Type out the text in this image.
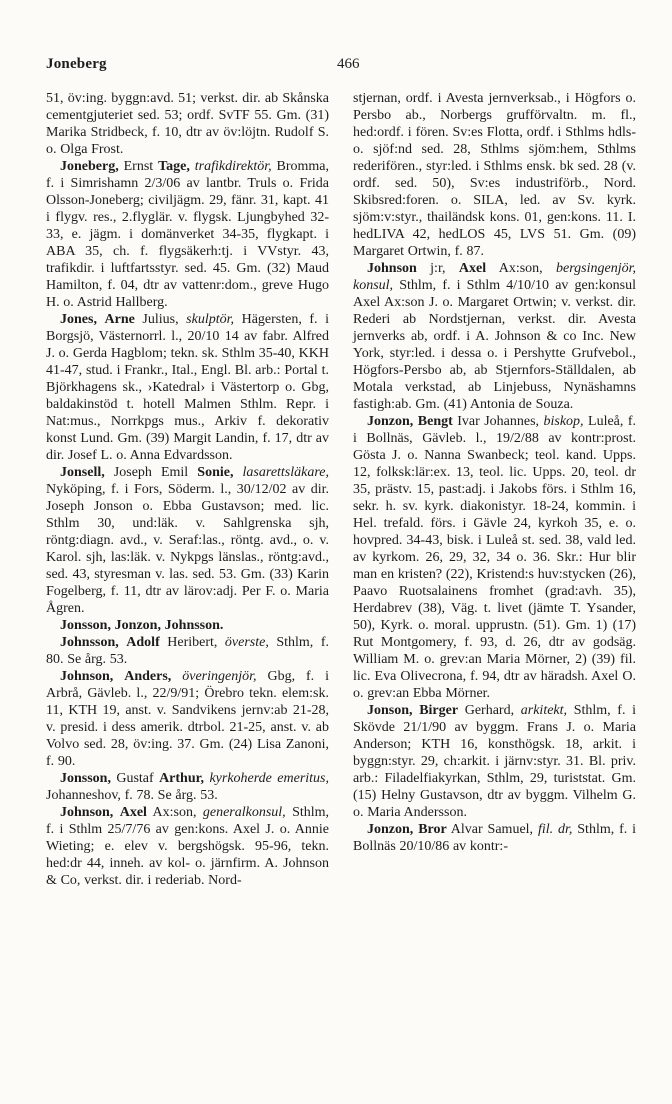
Joneberg	466

51, öv:ing. byggn:avd. 51; verkst. dir. ab Skånska cementgjuteriet sed. 53; ordf. SvTF 55. Gm. (31) Marika Stridbeck, f. 10, dtr av öv:löjtn. Rudolf S. o. Olga Frost.

Joneberg, Ernst Tage, trafikdirektör, Bromma, f. i Simrishamn 2/3/06 av lantbr. Truls o. Frida Olsson-Joneberg; civiljägm. 29, fänr. 31, kapt. 41 i flygv. res., 2.flyglär. v. flygsk. Ljungbyhed 32-33, e. jägm. i domänverket 34-35, flygkapt. i ABA 35, ch. f. flygsäkerh:tj. i VVstyr. 43, trafikdir. i luftfartsstyr. sed. 45. Gm. (32) Maud Hamilton, f. 04, dtr av vattenr:dom., greve Hugo H. o. Astrid Hallberg.

Jones, Arne Julius, skulptör, Hägersten, f. i Borgsjö, Västernorrl. l., 20/10 14 av fabr. Alfred J. o. Gerda Hagblom; tekn. sk. Sthlm 35-40, KKH 41-47, stud. i Frankr., Ital., Engl. Bl. arb.: Portal t. Björkhagens sk., ›Katedral› i Västertorp o. Gbg, baldakinstöd t. hotell Malmen Sthlm. Repr. i Nat:mus., Norrkpgs mus., Arkiv f. dekorativ konst Lund. Gm. (39) Margit Landin, f. 17, dtr av dir. Josef L. o. Anna Edvardsson.

Jonsell, Joseph Emil Sonie, lasarettsläkare, Nyköping, f. i Fors, Söderm. l., 30/12/02 av dir. Joseph Jonson o. Ebba Gustavson; med. lic. Sthlm 30, und:läk. v. Sahlgrenska sjh, röntg:diagn. avd., v. Seraf:las., röntg. avd., o. v. Karol. sjh, las:läk. v. Nykpgs länslas., röntg:avd., sed. 43, styresman v. las. sed. 53. Gm. (33) Karin Fogelberg, f. 11, dtr av lärov:adj. Per F. o. Maria Ågren.

Jonsson, Jonzon, Johnsson.

Johnsson, Adolf Heribert, överste, Sthlm, f. 80. Se årg. 53.

Johnson, Anders, överingenjör, Gbg, f. i Arbrå, Gävleb. l., 22/9/91; Örebro tekn. elem:sk. 11, KTH 19, anst. v. Sandvikens jernv:ab 21-28, v. presid. i dess amerik. dtrbol. 21-25, anst. v. ab Volvo sed. 28, öv:ing. 37. Gm. (24) Lisa Zanoni, f. 90.

Jonsson, Gustaf Arthur, kyrkoherde emeritus, Johanneshov, f. 78. Se årg. 53.

Johnson, Axel Ax:son, generalkonsul, Sthlm, f. i Sthlm 25/7/76 av gen:kons. Axel J. o. Annie Wieting; e. elev v. bergshögsk. 95-96, tekn. hed:dr 44, inneh. av kol- o. järnfirm. A. Johnson & Co, verkst. dir. i rederiab. Nord-

stjernan, ordf. i Avesta jernverksab., i Högfors o. Persbo ab., Norbergs grufförvaltn. m. fl., hed:ordf. i fören. Sv:es Flotta, ordf. i Sthlms hdls- o. sjöf:nd sed. 28, Sthlms sjöm:hem, Sthlms rederifören., styr:led. i Sthlms ensk. bk sed. 28 (v. ordf. sed. 50), Sv:es industriförb., Nord. Skibsred:foren. o. SILA, led. av Sv. kyrk. sjöm:v:styr., thailändsk kons. 01, gen:kons. 11. I. hedLIVA 42, hedLOS 45, LVS 51. Gm. (09) Margaret Ortwin, f. 87.

Johnson j:r, Axel Ax:son, bergsingenjör, konsul, Sthlm, f. i Sthlm 4/10/10 av gen:konsul Axel Ax:son J. o. Margaret Ortwin; v. verkst. dir. Rederi ab Nordstjernan, verkst. dir. Avesta jernverks ab, ordf. i A. Johnson & co Inc. New York, styr:led. i dessa o. i Pershytte Grufvebol., Högfors-Persbo ab, ab Stjernfors-Ställdalen, ab Motala verkstad, ab Linjebuss, Nynäshamns fastigh:ab. Gm. (41) Antonia de Souza.

Jonzon, Bengt Ivar Johannes, biskop, Luleå, f. i Bollnäs, Gävleb. l., 19/2/88 av kontr:prost. Gösta J. o. Nanna Swanbeck; teol. kand. Upps. 12, folksk:lär:ex. 13, teol. lic. Upps. 20, teol. dr 35, prästv. 15, past:adj. i Jakobs förs. i Sthlm 16, sekr. h. sv. kyrk. diakonistyr. 18-24, kommin. i Hel. trefald. förs. i Gävle 24, kyrkoh 35, e. o. hovpred. 34-43, bisk. i Luleå st. sed. 38, vald led. av kyrkom. 26, 29, 32, 34 o. 36. Skr.: Hur blir man en kristen? (22), Kristend:s huv:stycken (26), Paavo Ruotsalainens fromhet (grad:avh. 35), Herdabrev (38), Väg. t. livet (jämte T. Ysander, 50), Kyrk. o. moral. upprustn. (51). Gm. 1) (17) Rut Montgomery, f. 93, d. 26, dtr av godsäg. William M. o. grev:an Maria Mörner, 2) (39) fil. lic. Eva Olivecrona, f. 94, dtr av häradsh. Axel O. o. grev:an Ebba Mörner.

Jonson, Birger Gerhard, arkitekt, Sthlm, f. i Skövde 21/1/90 av byggm. Frans J. o. Maria Anderson; KTH 16, konsthögsk. 18, arkit. i byggn:styr. 29, ch:arkit. i järnv:styr. 31. Bl. priv. arb.: Filadelfiakyrkan, Sthlm, 29, turiststat. Gm. (15) Helny Gustavson, dtr av byggm. Vilhelm G. o. Maria Andersson.

Jonzon, Bror Alvar Samuel, fil. dr, Sthlm, f. i Bollnäs 20/10/86 av kontr:-
